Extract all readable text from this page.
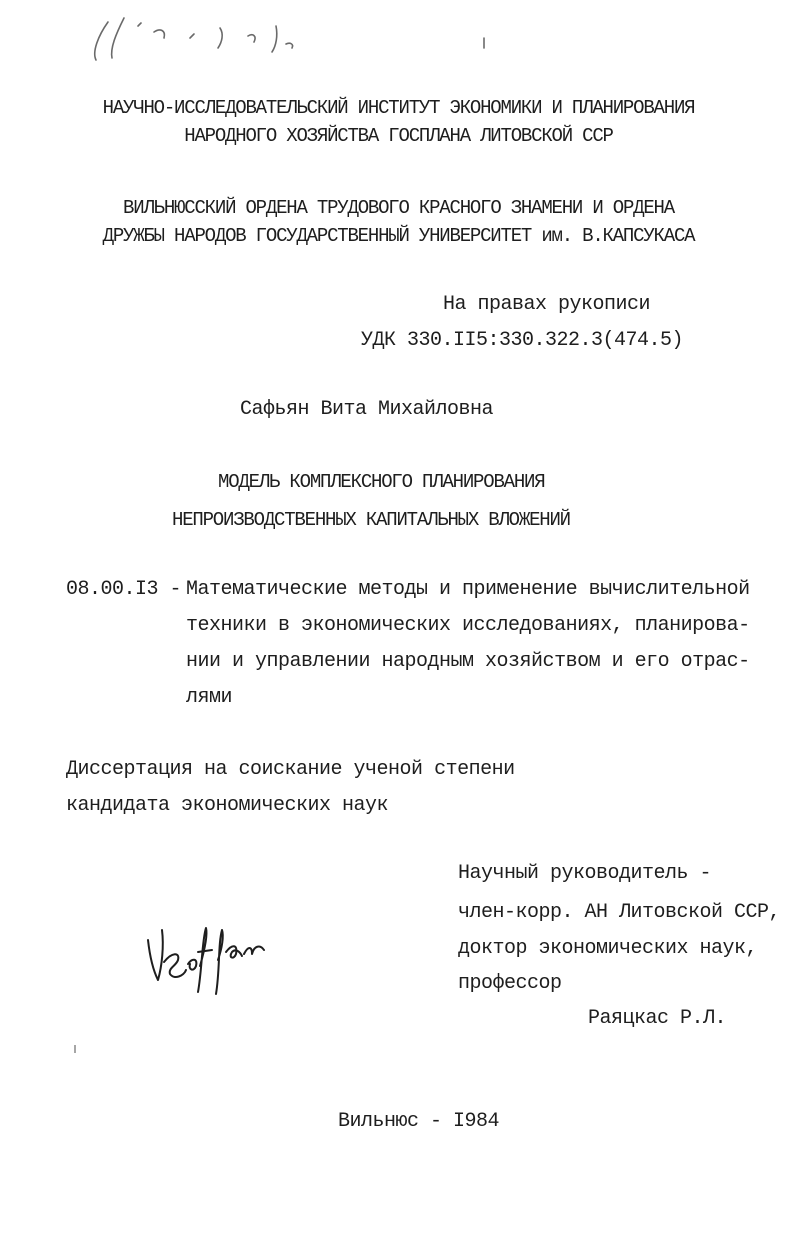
НАУЧНО-ИССЛЕДОВАТЕЛЬСКИЙ ИНСТИТУТ ЭКОНОМИКИ И ПЛАНИРОВАНИЯ
НАРОДНОГО ХОЗЯЙСТВА ГОСПЛАНА ЛИТОВСКОЙ ССР
ВИЛЬНЮССКИЙ ОРДЕНА ТРУДОВОГО КРАСНОГО ЗНАМЕНИ И ОРДЕНА
ДРУЖБЫ НАРОДОВ ГОСУДАРСТВЕННЫЙ УНИВЕРСИТЕТ им. В.КАПСУКАСА
На правах рукописи
УДК 330.II5:330.322.3(474.5)
Сафьян Вита Михайловна
МОДЕЛЬ КОМПЛЕКСНОГО ПЛАНИРОВАНИЯ
НЕПРОИЗВОДСТВЕННЫХ КАПИТАЛЬНЫХ ВЛОЖЕНИЙ
08.00.I3 - Математические методы и применение вычислительной
техники в экономических исследованиях, планирова-
нии и управлении народным хозяйством и его отрас-
лями
Диссертация на соискание ученой степени
кандидата экономических наук
Научный руководитель -
член-корр. АН Литовской ССР,
доктор экономических наук,
профессор
Раяцкас Р.Л.
Вильнюс - I984
